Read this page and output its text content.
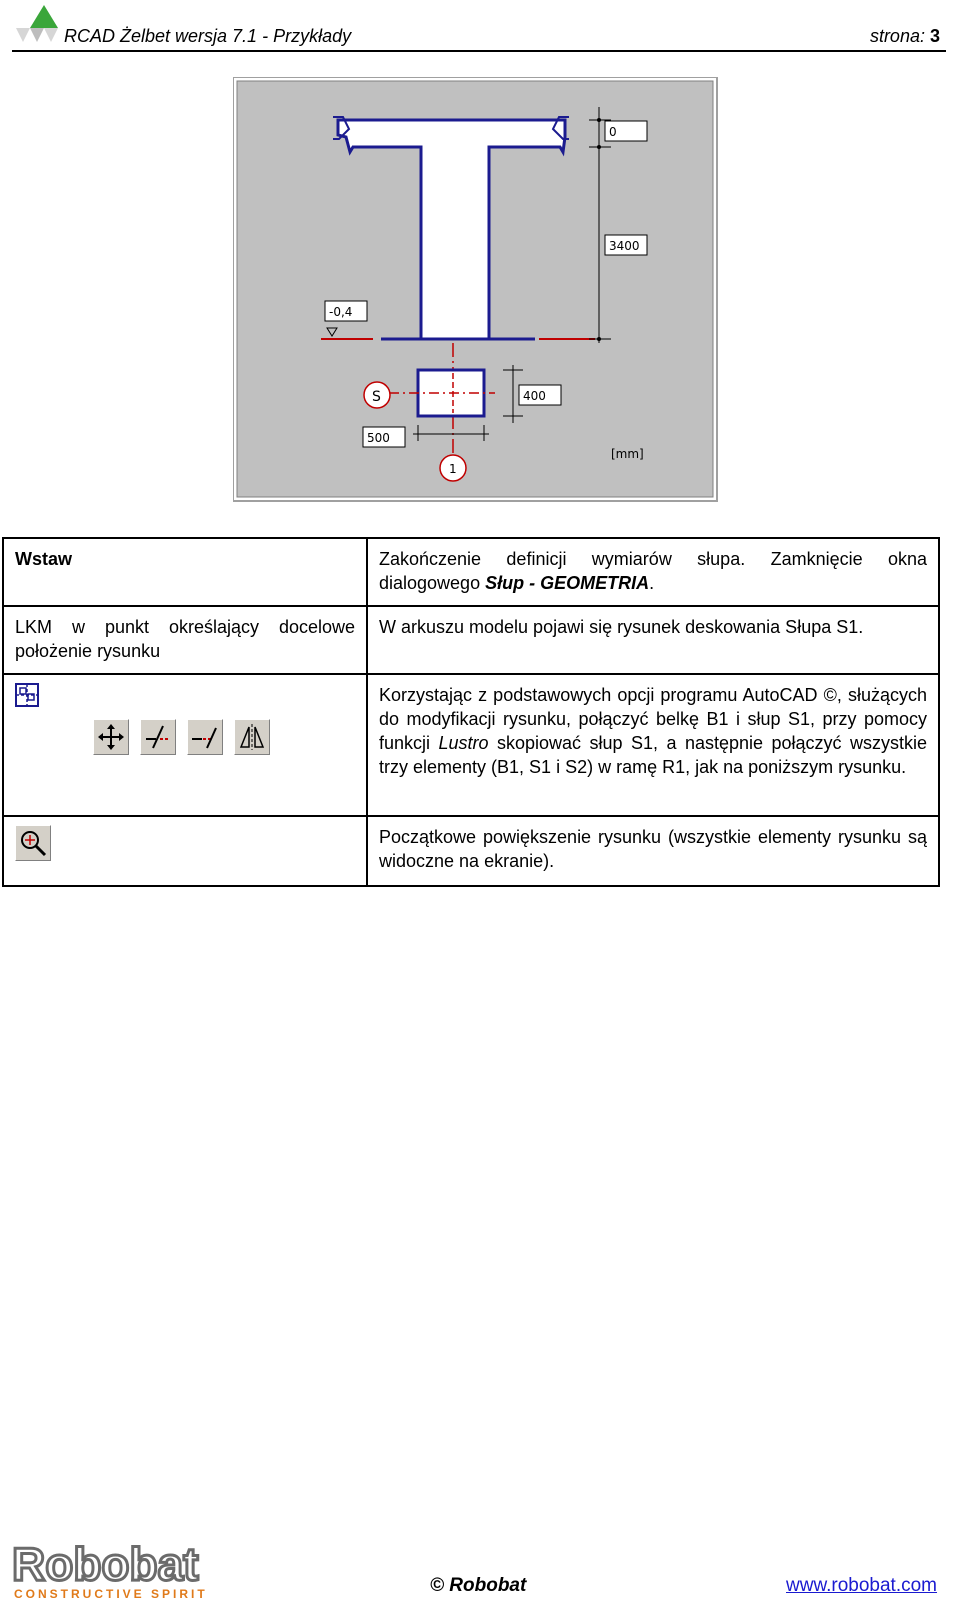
RCAD Żelbet wersja 7.1 - Przykłady	strona: 3
0
3400
-0,4
400
500
S
1
[mm]
Wstaw	Zakończenie definicji wymiarów słupa. Zamknięcie okna dialogowego Słup - GEOMETRIA.
LKM w punkt określający docelowe położenie rysunku	W arkuszu modelu pojawi się rysunek deskowania Słupa S1.

	Korzystając z podstawowych opcji programu AutoCAD ©, służących do modyfikacji rysunku, połączyć belkę B1 i słup S1, przy pomocy funkcji Lustro skopiować słup S1, a następnie połączyć wszystkie trzy elementy (B1, S1 i S2) w ramę R1, jak na poniższym rysunku.

	Początkowe powiększenie rysunku (wszystkie elementy rysunku są widoczne na ekranie).
Robobat
CONSTRUCTIVE SPIRIT	© Robobat	www.robobat.com
